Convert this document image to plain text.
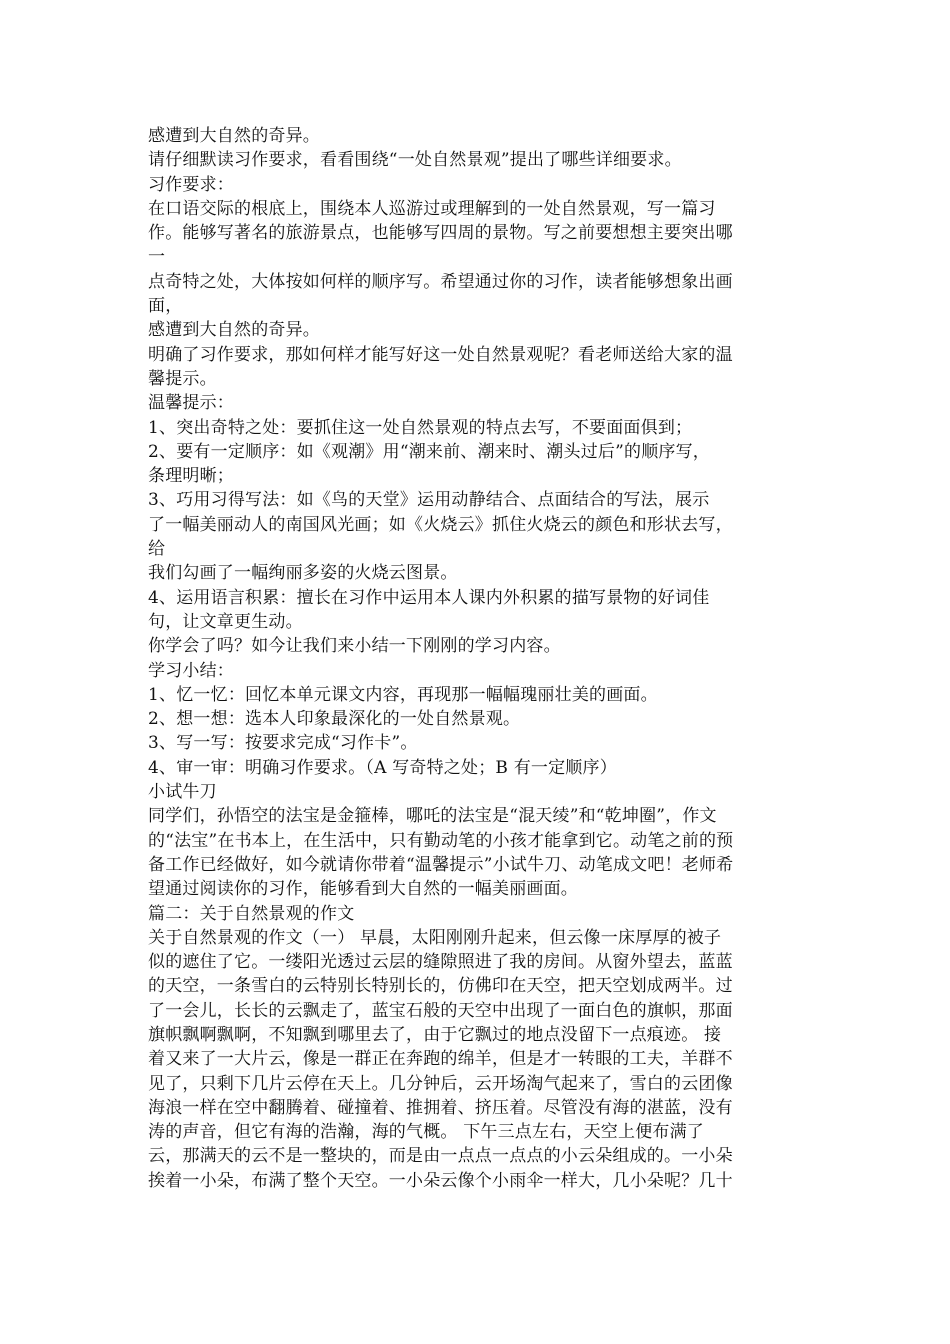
感遭到大自然的奇异。
请仔细默读习作要求，看看围绕“一处自然景观”提出了哪些详细要求。
习作要求：
在口语交际的根底上，围绕本人巡游过或理解到的一处自然景观，写一篇习
作。能够写著名的旅游景点，也能够写四周的景物。写之前要想想主要突出哪
一
点奇特之处，大体按如何样的顺序写。希望通过你的习作，读者能够想象出画
面，
感遭到大自然的奇异。
明确了习作要求，那如何样才能写好这一处自然景观呢？看老师送给大家的温
馨提示。
温馨提示：
1、突出奇特之处：要抓住这一处自然景观的特点去写，不要面面俱到；
2、要有一定顺序：如《观潮》用“潮来前、潮来时、潮头过后”的顺序写，
条理明晰；
3、巧用习得写法：如《鸟的天堂》运用动静结合、点面结合的写法，展示
了一幅美丽动人的南国风光画；如《火烧云》抓住火烧云的颜色和形状去写，
给
我们勾画了一幅绚丽多姿的火烧云图景。
4、运用语言积累：擅长在习作中运用本人课内外积累的描写景物的好词佳
句，让文章更生动。
你学会了吗？如今让我们来小结一下刚刚的学习内容。
学习小结：
1、忆一忆：回忆本单元课文内容，再现那一幅幅瑰丽壮美的画面。
2、想一想：选本人印象最深化的一处自然景观。
3、写一写：按要求完成“习作卡”。
4、审一审：明确习作要求。（A 写奇特之处；B 有一定顺序）
小试牛刀
同学们，孙悟空的法宝是金箍棒，哪吒的法宝是“混天绫”和“乾坤圈”，作文
的“法宝”在书本上，在生活中，只有勤动笔的小孩才能拿到它。动笔之前的预
备工作已经做好，如今就请你带着“温馨提示”小试牛刀、动笔成文吧！老师希
望通过阅读你的习作，能够看到大自然的一幅美丽画面。
篇二：关于自然景观的作文
关于自然景观的作文（一） 早晨，太阳刚刚升起来，但云像一床厚厚的被子
似的遮住了它。一缕阳光透过云层的缝隙照进了我的房间。从窗外望去，蓝蓝
的天空，一条雪白的云特别长特别长的，仿佛印在天空，把天空划成两半。过
了一会儿，长长的云飘走了，蓝宝石般的天空中出现了一面白色的旗帜，那面
旗帜飘啊飘啊，不知飘到哪里去了，由于它飘过的地点没留下一点痕迹。 接
着又来了一大片云，像是一群正在奔跑的绵羊，但是才一转眼的工夫，羊群不
见了，只剩下几片云停在天上。几分钟后，云开场淘气起来了，雪白的云团像
海浪一样在空中翻腾着、碰撞着、推拥着、挤压着。尽管没有海的湛蓝，没有
涛的声音，但它有海的浩瀚，海的气概。 下午三点左右，天空上便布满了
云，那满天的云不是一整块的，而是由一点点一点点的小云朵组成的。一小朵
挨着一小朵，布满了整个天空。一小朵云像个小雨伞一样大，几小朵呢？几十
